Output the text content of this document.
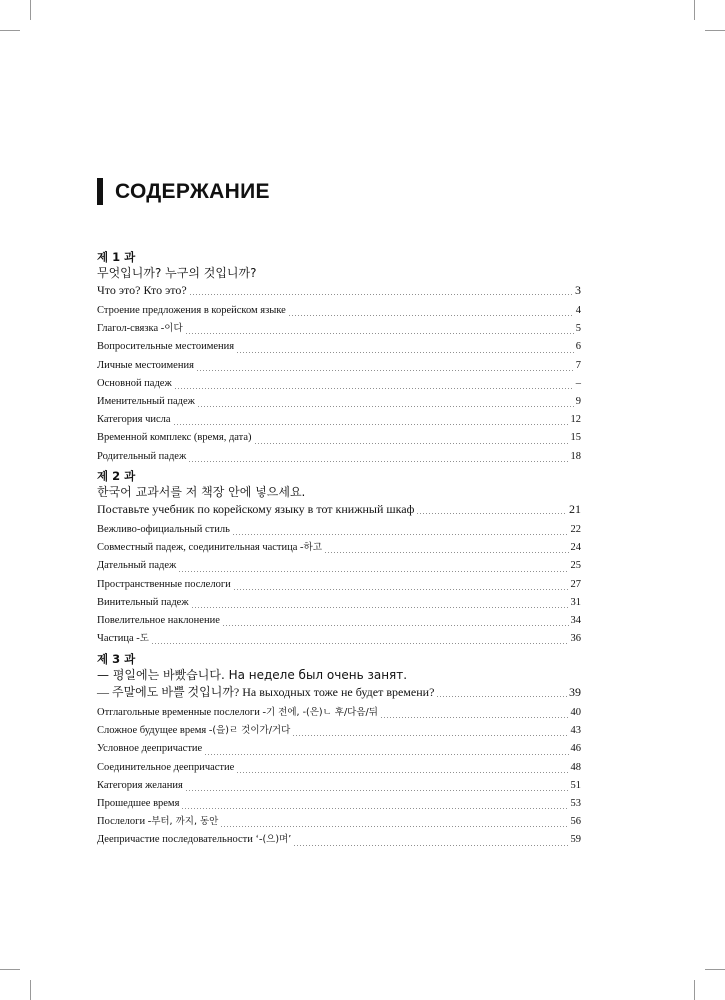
СОДЕРЖАНИЕ
제 1 과
무엇입니까? 누구의 것입니까?
Что это? Кто это?	3
Строение предложения в корейском языке	4
Глагол-связка -이다	5
Вопросительные местоимения	6
Личные местоимения	7
Основной падеж	–
Именительный падеж	9
Категория числа	12
Временной комплекс (время, дата)	15
Родительный падеж	18
제 2 과
한국어 교과서를 저 책장 안에 넣으세요.
Поставьте учебник по корейскому языку в тот книжный шкаф	21
Вежливо-официальный стиль	22
Совместный падеж, соединительная частица -하고	24
Дательный падеж	25
Пространственные послелоги	27
Винительный падеж	31
Повелительное наклонение	34
Частица -도	36
제 3 과
— 평일에는 바빴습니다. На неделе был очень занят.
— 주말에도 바쁠 것입니까? На выходных тоже не будет времени?	39
Отглагольные временные послелоги -기 전에, -(은)ㄴ 후/다음/뒤	40
Сложное будущее время -(을)ㄹ 것이가/거다	43
Условное деепричастие	46
Соединительное деепричастие	48
Категория желания	51
Прошедшее время	53
Послелоги -부터, 까지, 동안	56
Деепричастие последовательности ‘-(으)며’	59
